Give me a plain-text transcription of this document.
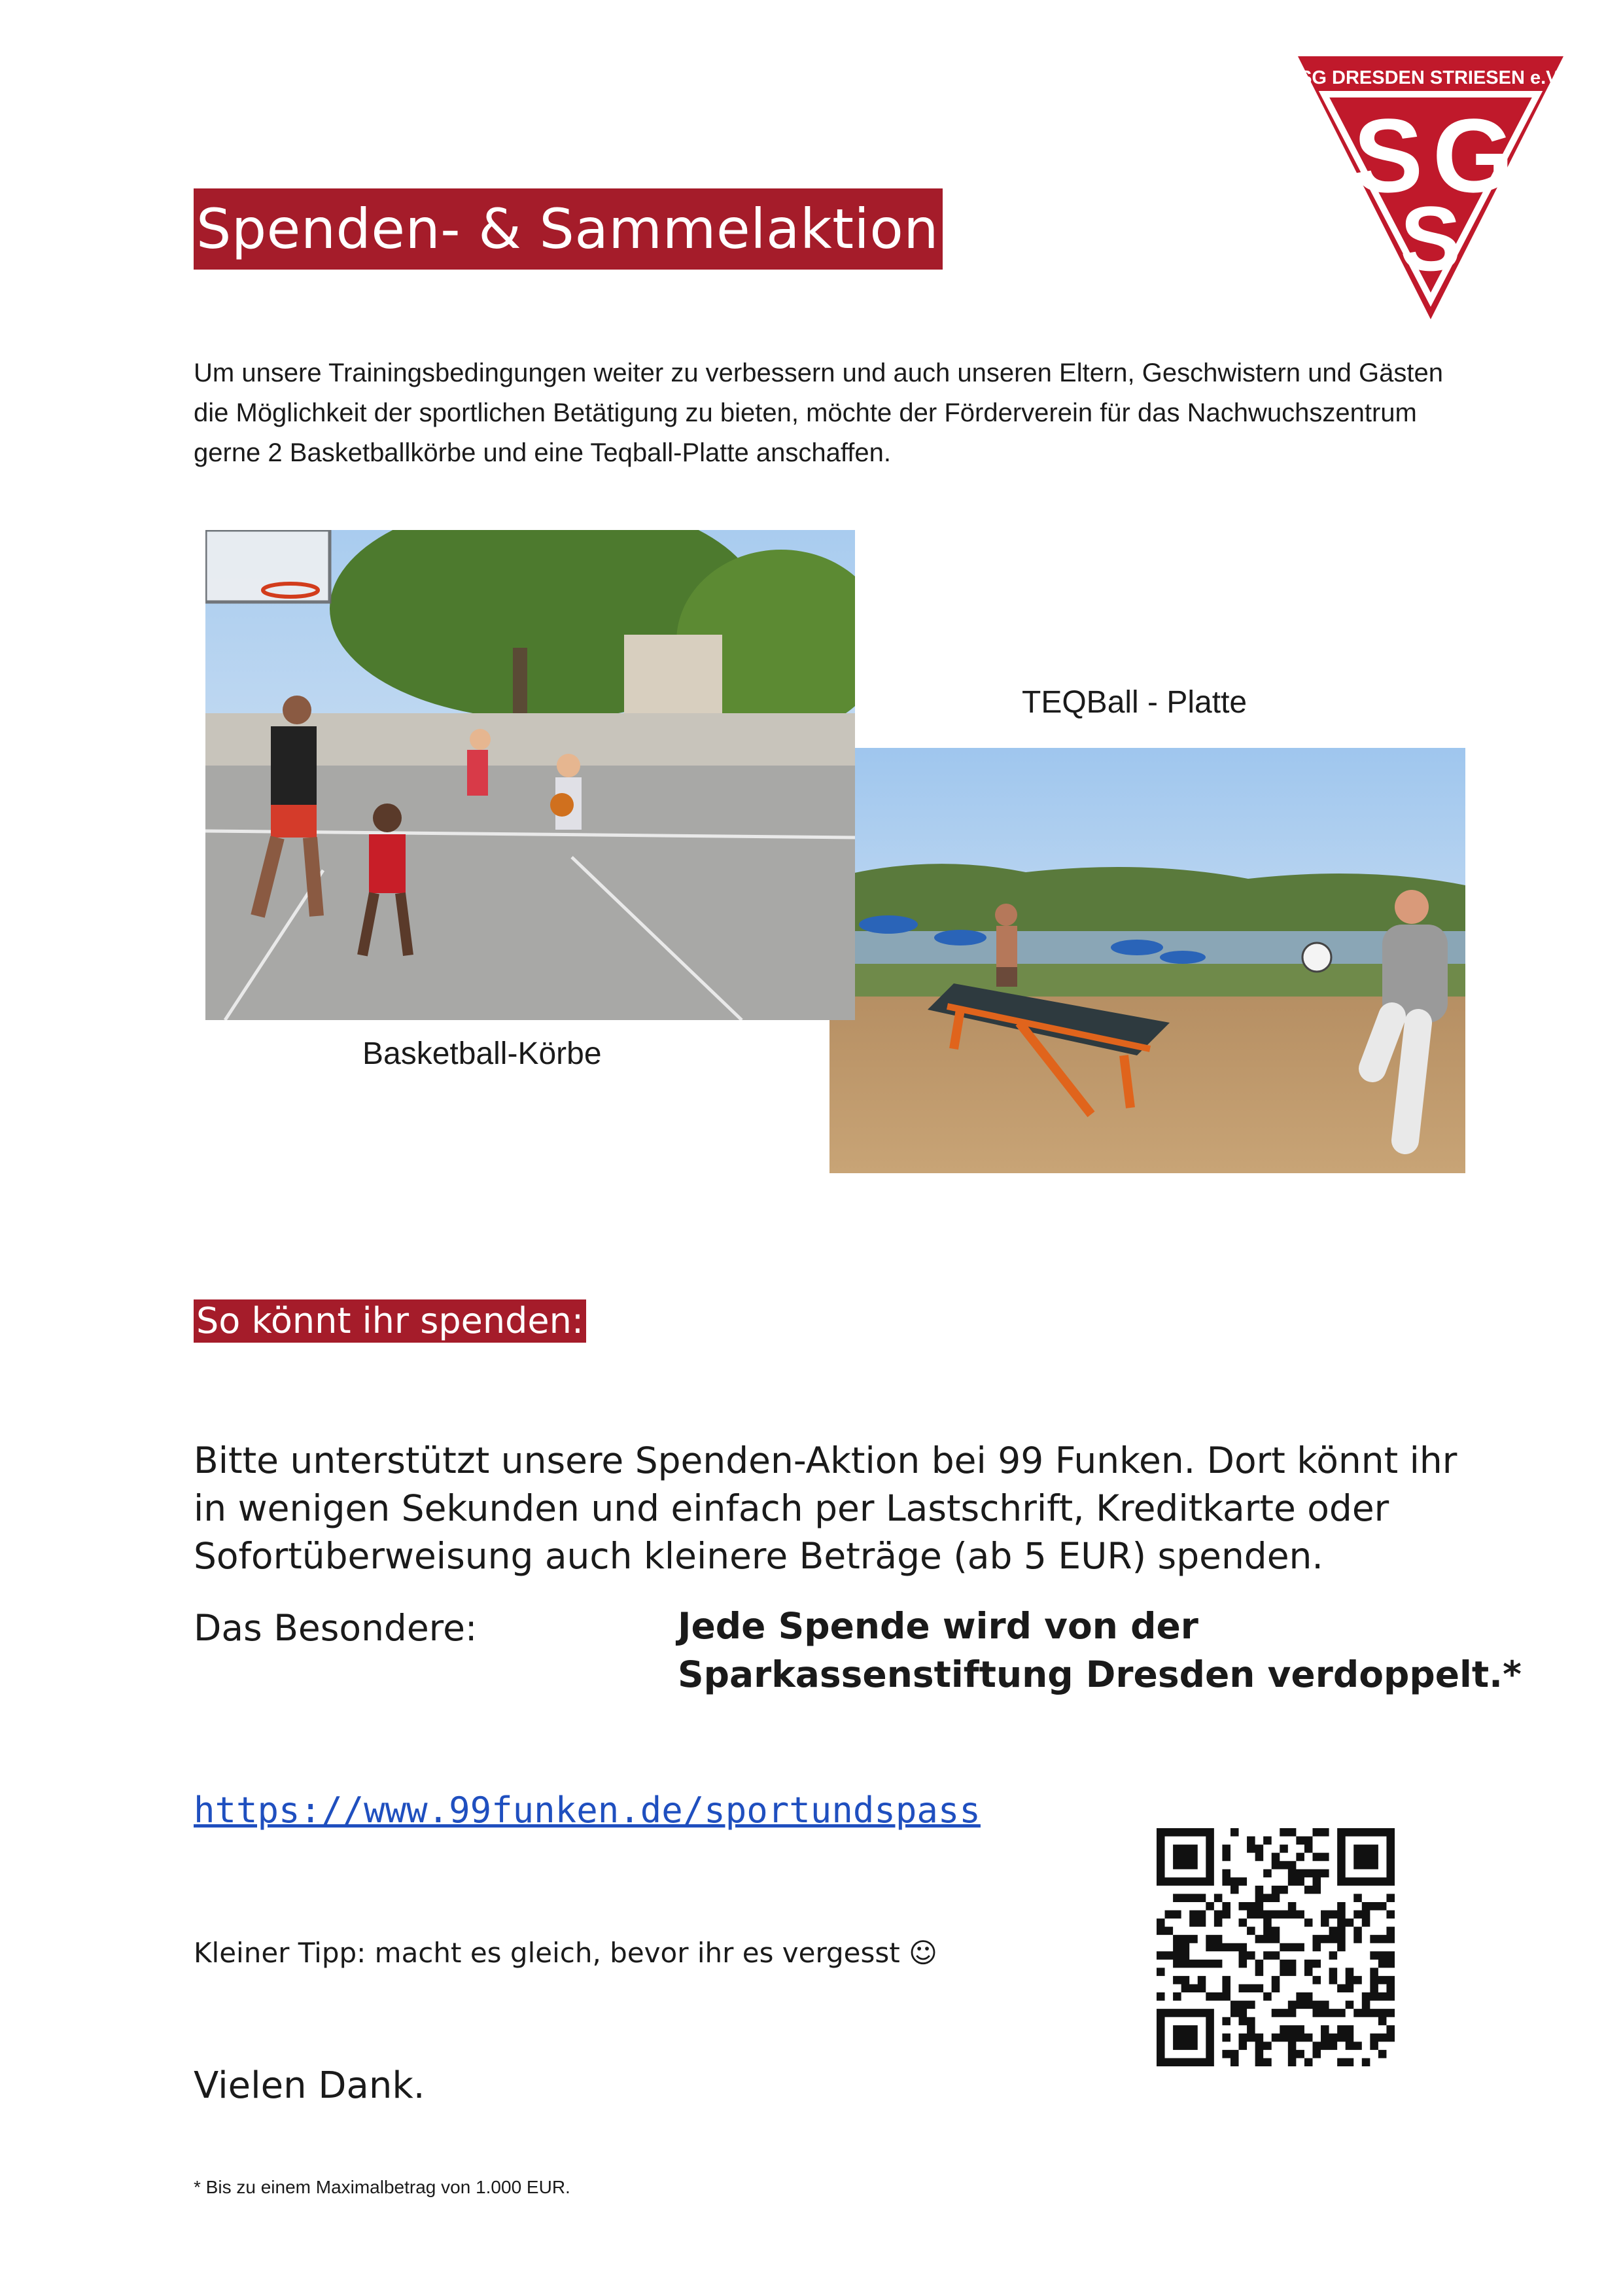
Spenden- & Sammelaktion
SG DRESDEN STRIESEN e.V.
S G
S
Um unsere Trainingsbedingungen weiter zu verbessern und auch unseren Eltern, Geschwistern und Gästen die Möglichkeit der sportlichen Betätigung zu bieten, möchte der Förderverein für das Nachwuchszentrum gerne 2 Basketballkörbe und eine Teqball-Platte anschaffen.
TEQBall - Platte
Basketball-Körbe
So könnt ihr spenden:
Bitte unterstützt unsere Spenden-Aktion bei 99 Funken. Dort könnt ihr in wenigen Sekunden und einfach per Lastschrift, Kreditkarte oder Sofortüberweisung auch kleinere Beträge (ab 5 EUR) spenden.
Das Besondere:	Jede Spende wird von der
Sparkassenstiftung Dresden verdoppelt.*
https://www.99funken.de/sportundspass
Kleiner Tipp: macht es gleich, bevor ihr es vergesst ☺
Vielen Dank.
* Bis zu einem Maximalbetrag von 1.000 EUR.
